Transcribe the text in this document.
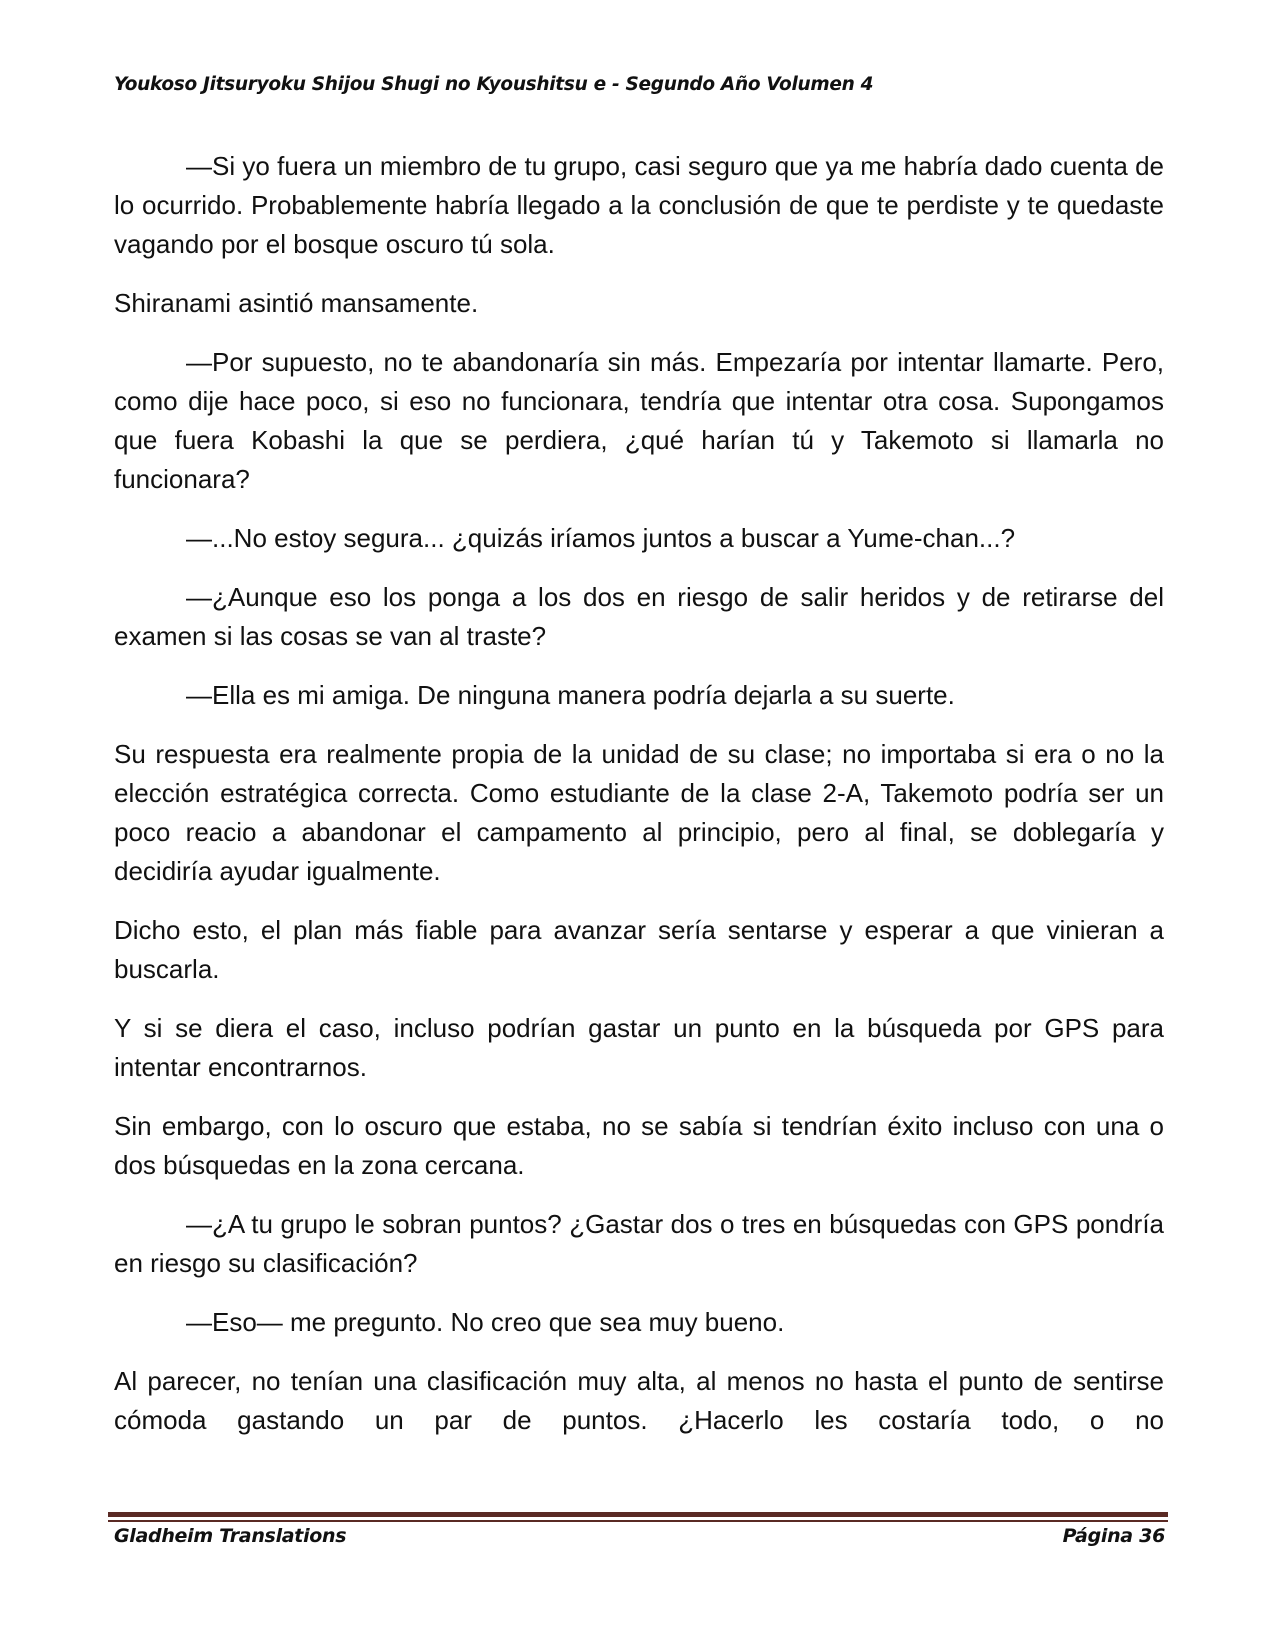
Youkoso Jitsuryoku Shijou Shugi no Kyoushitsu e - Segundo Año Volumen 4

—Si yo fuera un miembro de tu grupo, casi seguro que ya me habría dado cuenta de lo ocurrido. Probablemente habría llegado a la conclusión de que te perdiste y te quedaste vagando por el bosque oscuro tú sola.

Shiranami asintió mansamente.

—Por supuesto, no te abandonaría sin más. Empezaría por intentar llamarte. Pero, como dije hace poco, si eso no funcionara, tendría que intentar otra cosa. Supongamos que fuera Kobashi la que se perdiera, ¿qué harían tú y Takemoto si llamarla no funcionara?

—...No estoy segura... ¿quizás iríamos juntos a buscar a Yume-chan...?

—¿Aunque eso los ponga a los dos en riesgo de salir heridos y de retirarse del examen si las cosas se van al traste?

—Ella es mi amiga. De ninguna manera podría dejarla a su suerte.

Su respuesta era realmente propia de la unidad de su clase; no importaba si era o no la elección estratégica correcta. Como estudiante de la clase 2-A, Takemoto podría ser un poco reacio a abandonar el campamento al principio, pero al final, se doblegaría y decidiría ayudar igualmente.

Dicho esto, el plan más fiable para avanzar sería sentarse y esperar a que vinieran a buscarla.

Y si se diera el caso, incluso podrían gastar un punto en la búsqueda por GPS para intentar encontrarnos.

Sin embargo, con lo oscuro que estaba, no se sabía si tendrían éxito incluso con una o dos búsquedas en la zona cercana.

—¿A tu grupo le sobran puntos? ¿Gastar dos o tres en búsquedas con GPS pondría en riesgo su clasificación?

—Eso— me pregunto. No creo que sea muy bueno.

Al parecer, no tenían una clasificación muy alta, al menos no hasta el punto de sentirse cómoda gastando un par de puntos. ¿Hacerlo les costaría todo, o no

Gladheim Translations	Página 36
